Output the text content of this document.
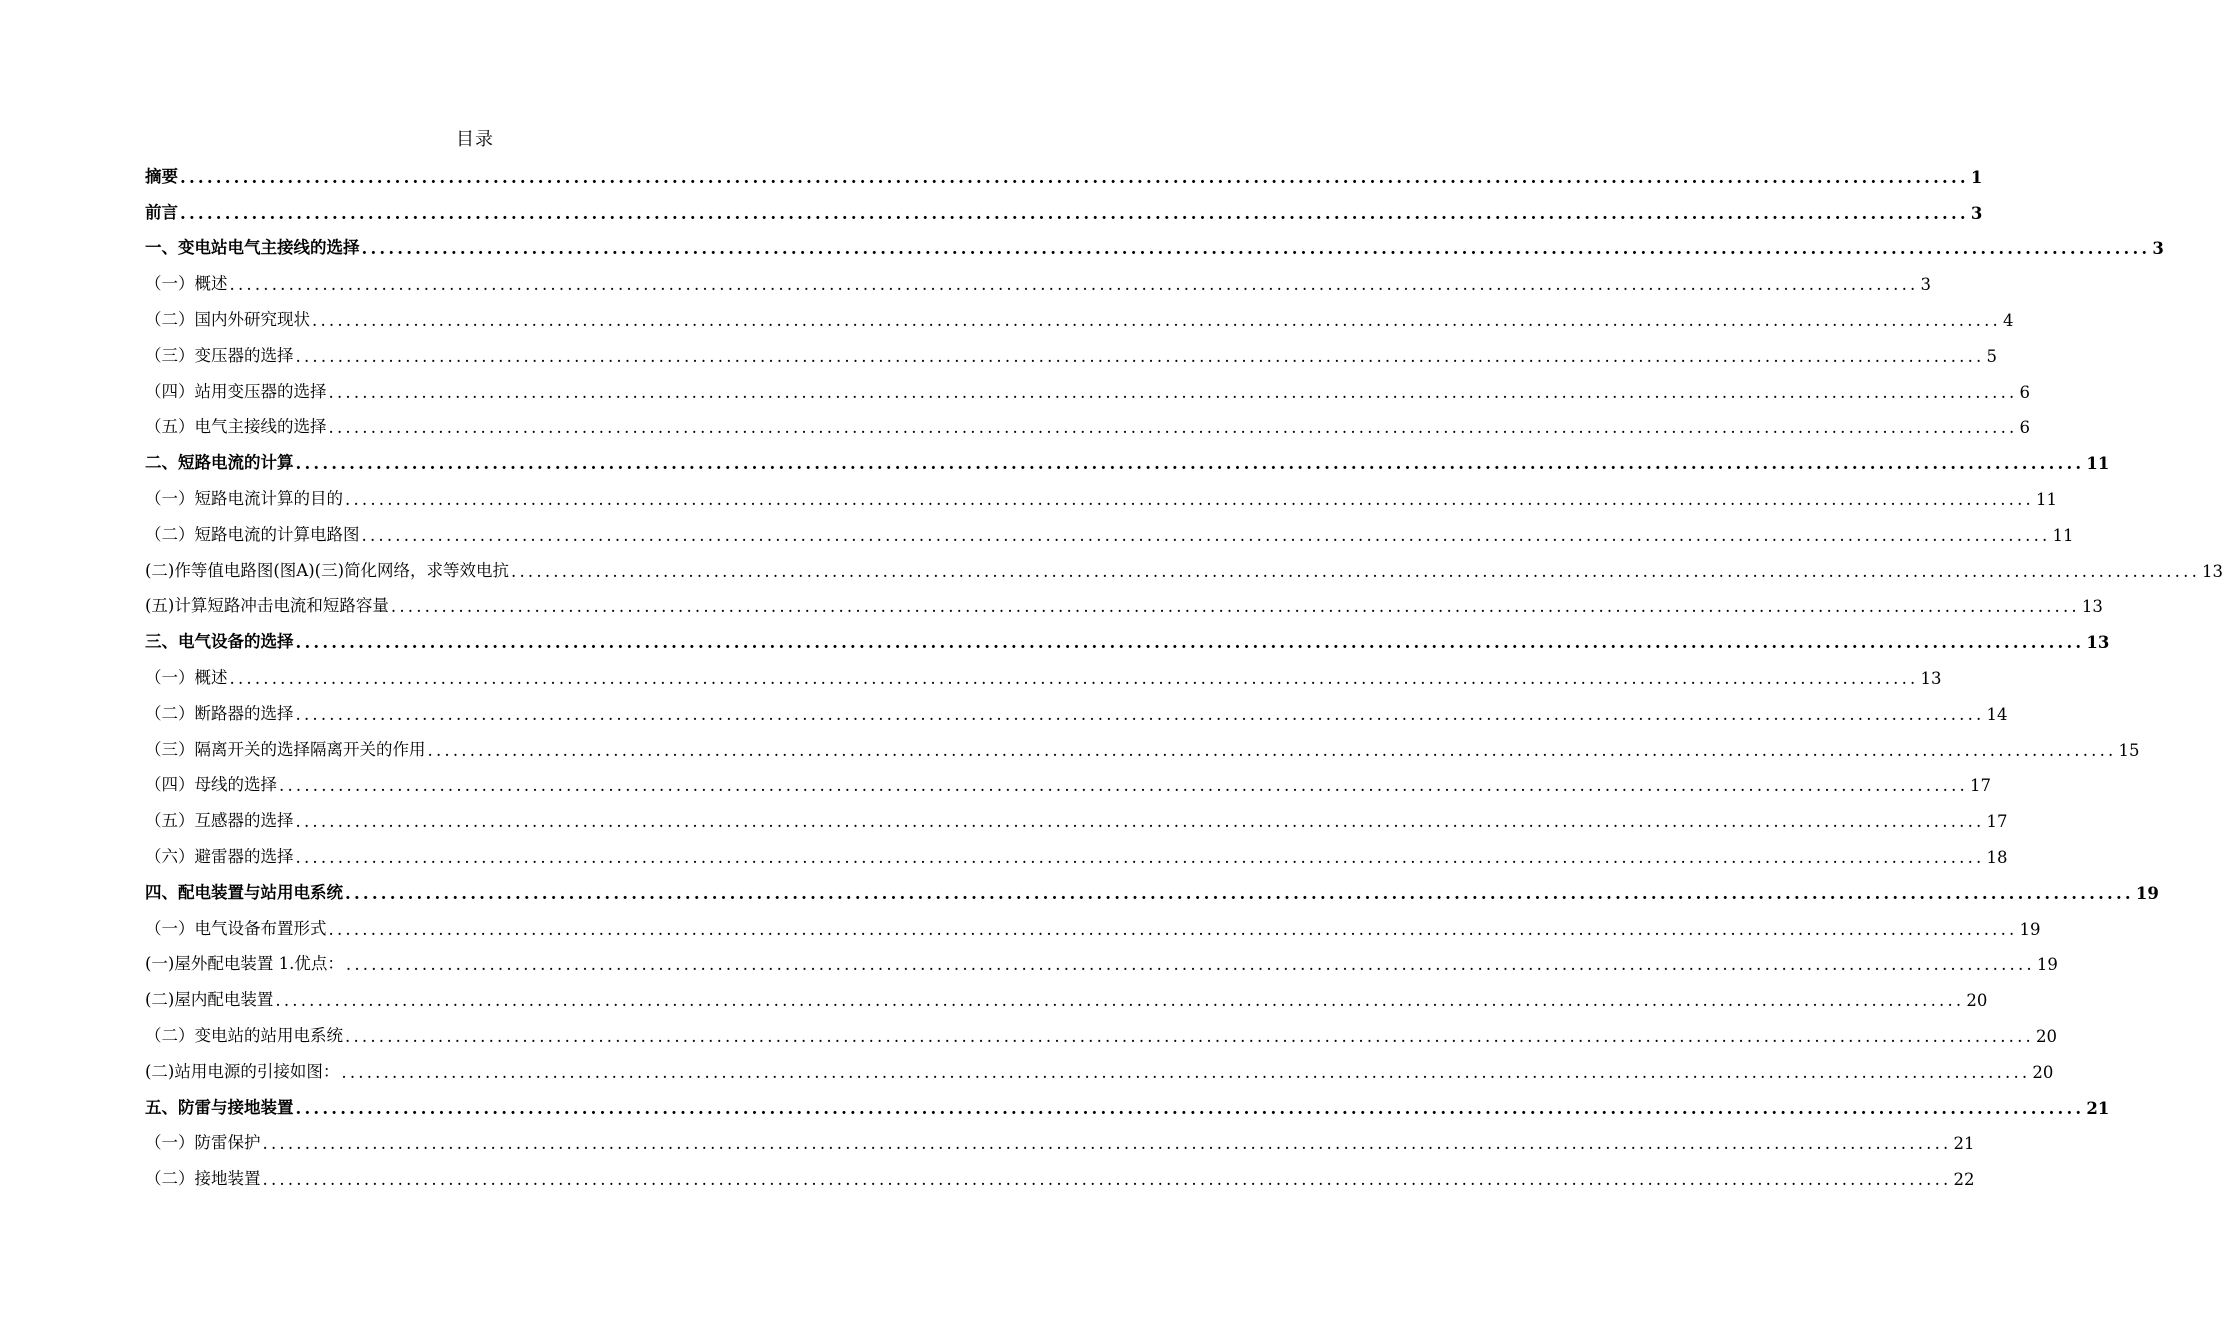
目录
摘要 ........................................................................................................................................................................................................ 1
前言 ........................................................................................................................................................................................................ 3
一、变电站电气主接线的选择 ........................................................................................................................................................................................................ 3
（一）概述 ........................................................................................................................................................................................................ 3
（二）国内外研究现状 ........................................................................................................................................................................................................ 4
（三）变压器的选择 ........................................................................................................................................................................................................ 5
（四）站用变压器的选择 ........................................................................................................................................................................................................ 6
（五）电气主接线的选择 ........................................................................................................................................................................................................ 6
二、短路电流的计算 ........................................................................................................................................................................................................ 11
（一）短路电流计算的目的 ........................................................................................................................................................................................................ 11
（二）短路电流的计算电路图 ........................................................................................................................................................................................................ 11
(二)作等值电路图(图A)(三)简化网络，求等效电抗 ........................................................................................................................................................................................................ 13
(五)计算短路冲击电流和短路容量 ........................................................................................................................................................................................................ 13
三、电气设备的选择 ........................................................................................................................................................................................................ 13
（一）概述 ........................................................................................................................................................................................................ 13
（二）断路器的选择 ........................................................................................................................................................................................................ 14
（三）隔离开关的选择隔离开关的作用 ........................................................................................................................................................................................................ 15
（四）母线的选择 ........................................................................................................................................................................................................ 17
（五）互感器的选择 ........................................................................................................................................................................................................ 17
（六）避雷器的选择 ........................................................................................................................................................................................................ 18
四、配电装置与站用电系统 ........................................................................................................................................................................................................ 19
（一）电气设备布置形式 ........................................................................................................................................................................................................ 19
(一)屋外配电装置 1.优点： ........................................................................................................................................................................................................ 19
(二)屋内配电装置 ........................................................................................................................................................................................................ 20
（二）变电站的站用电系统 ........................................................................................................................................................................................................ 20
(二)站用电源的引接如图： ........................................................................................................................................................................................................ 20
五、防雷与接地装置 ........................................................................................................................................................................................................ 21
（一）防雷保护 ........................................................................................................................................................................................................ 21
（二）接地装置 ........................................................................................................................................................................................................ 22
